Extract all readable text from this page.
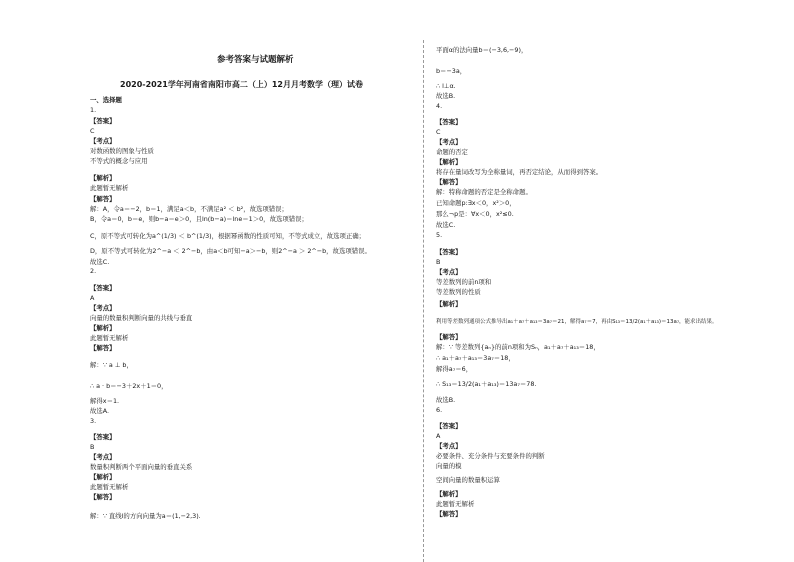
参考答案与试题解析
2020-2021学年河南省南阳市高二（上）12月月考数学（理）试卷
一、选择题
1.
【答案】
C
【考点】
对数函数的图象与性质
不等式的概念与应用
【解析】
此题暂无解析
【解答】
解：A，令a＝−2，b＝1，满足a＜b，不满足a² ＜ b²，故选项错误；
B，令a＝0，b＝e，则b−a＝e＞0，且ln(b−a)＝lne＝1＞0，故选项错误；
C，原不等式可转化为a^(1/3) ＜ b^(1/3)，根据幂函数的性质可知，不等式成立，故选项正确；
D，原不等式可转化为2^−a ＜ 2^−b，由a＜b可知−a＞−b，则2^−a ＞ 2^−b，故选项错误。
故选C.
2.
【答案】
A
【考点】
向量的数量积判断向量的共线与垂直
【解析】
此题暂无解析
【解答】
解：∵ a ⊥ b，
∴ a · b＝−3＋2x＋1＝0，
解得x＝1.
故选A.
3.
【答案】
B
【考点】
数量积判断两个平面向量的垂直关系
【解析】
此题暂无解析
【解答】
解：∵ 直线l的方向向量为a＝(1,−2,3).
平面α的法向量b＝(−3,6,−9)，
b＝−3a，
∴ l⊥α.
故选B.
4.
【答案】
C
【考点】
命题的否定
【解析】
将存在量词改写为全称量词，再否定结论，从而得到答案。
【解答】
解：特称命题的否定是全称命题。
已知命题p:∃x＜0，x²＞0，
那么¬p是：∀x＜0，x²≤0.
故选C.
5.
【答案】
B
【考点】
等差数列的前n项和
等差数列的性质
【解析】
利用等差数列通项公式推导出a₁＋a₇＋a₁₃＝3a₇＝21，解得a₇＝7，再由S₁₃＝13/2(a₁＋a₁₃)＝13a₇，能求出结果。
【解答】
解：∵ 等差数列{aₙ}的前n项和为Sₙ，a₁＋a₇＋a₁₃＝18，
∴ a₁＋a₇＋a₁₃＝3a₇＝18，
解得a₇＝6，
∴ S₁₃＝13/2(a₁＋a₁₃)＝13a₇＝78.
故选B.
6.
【答案】
A
【考点】
必要条件、充分条件与充要条件的判断
向量的模
空间向量的数量积运算
【解析】
此题暂无解析
【解答】
